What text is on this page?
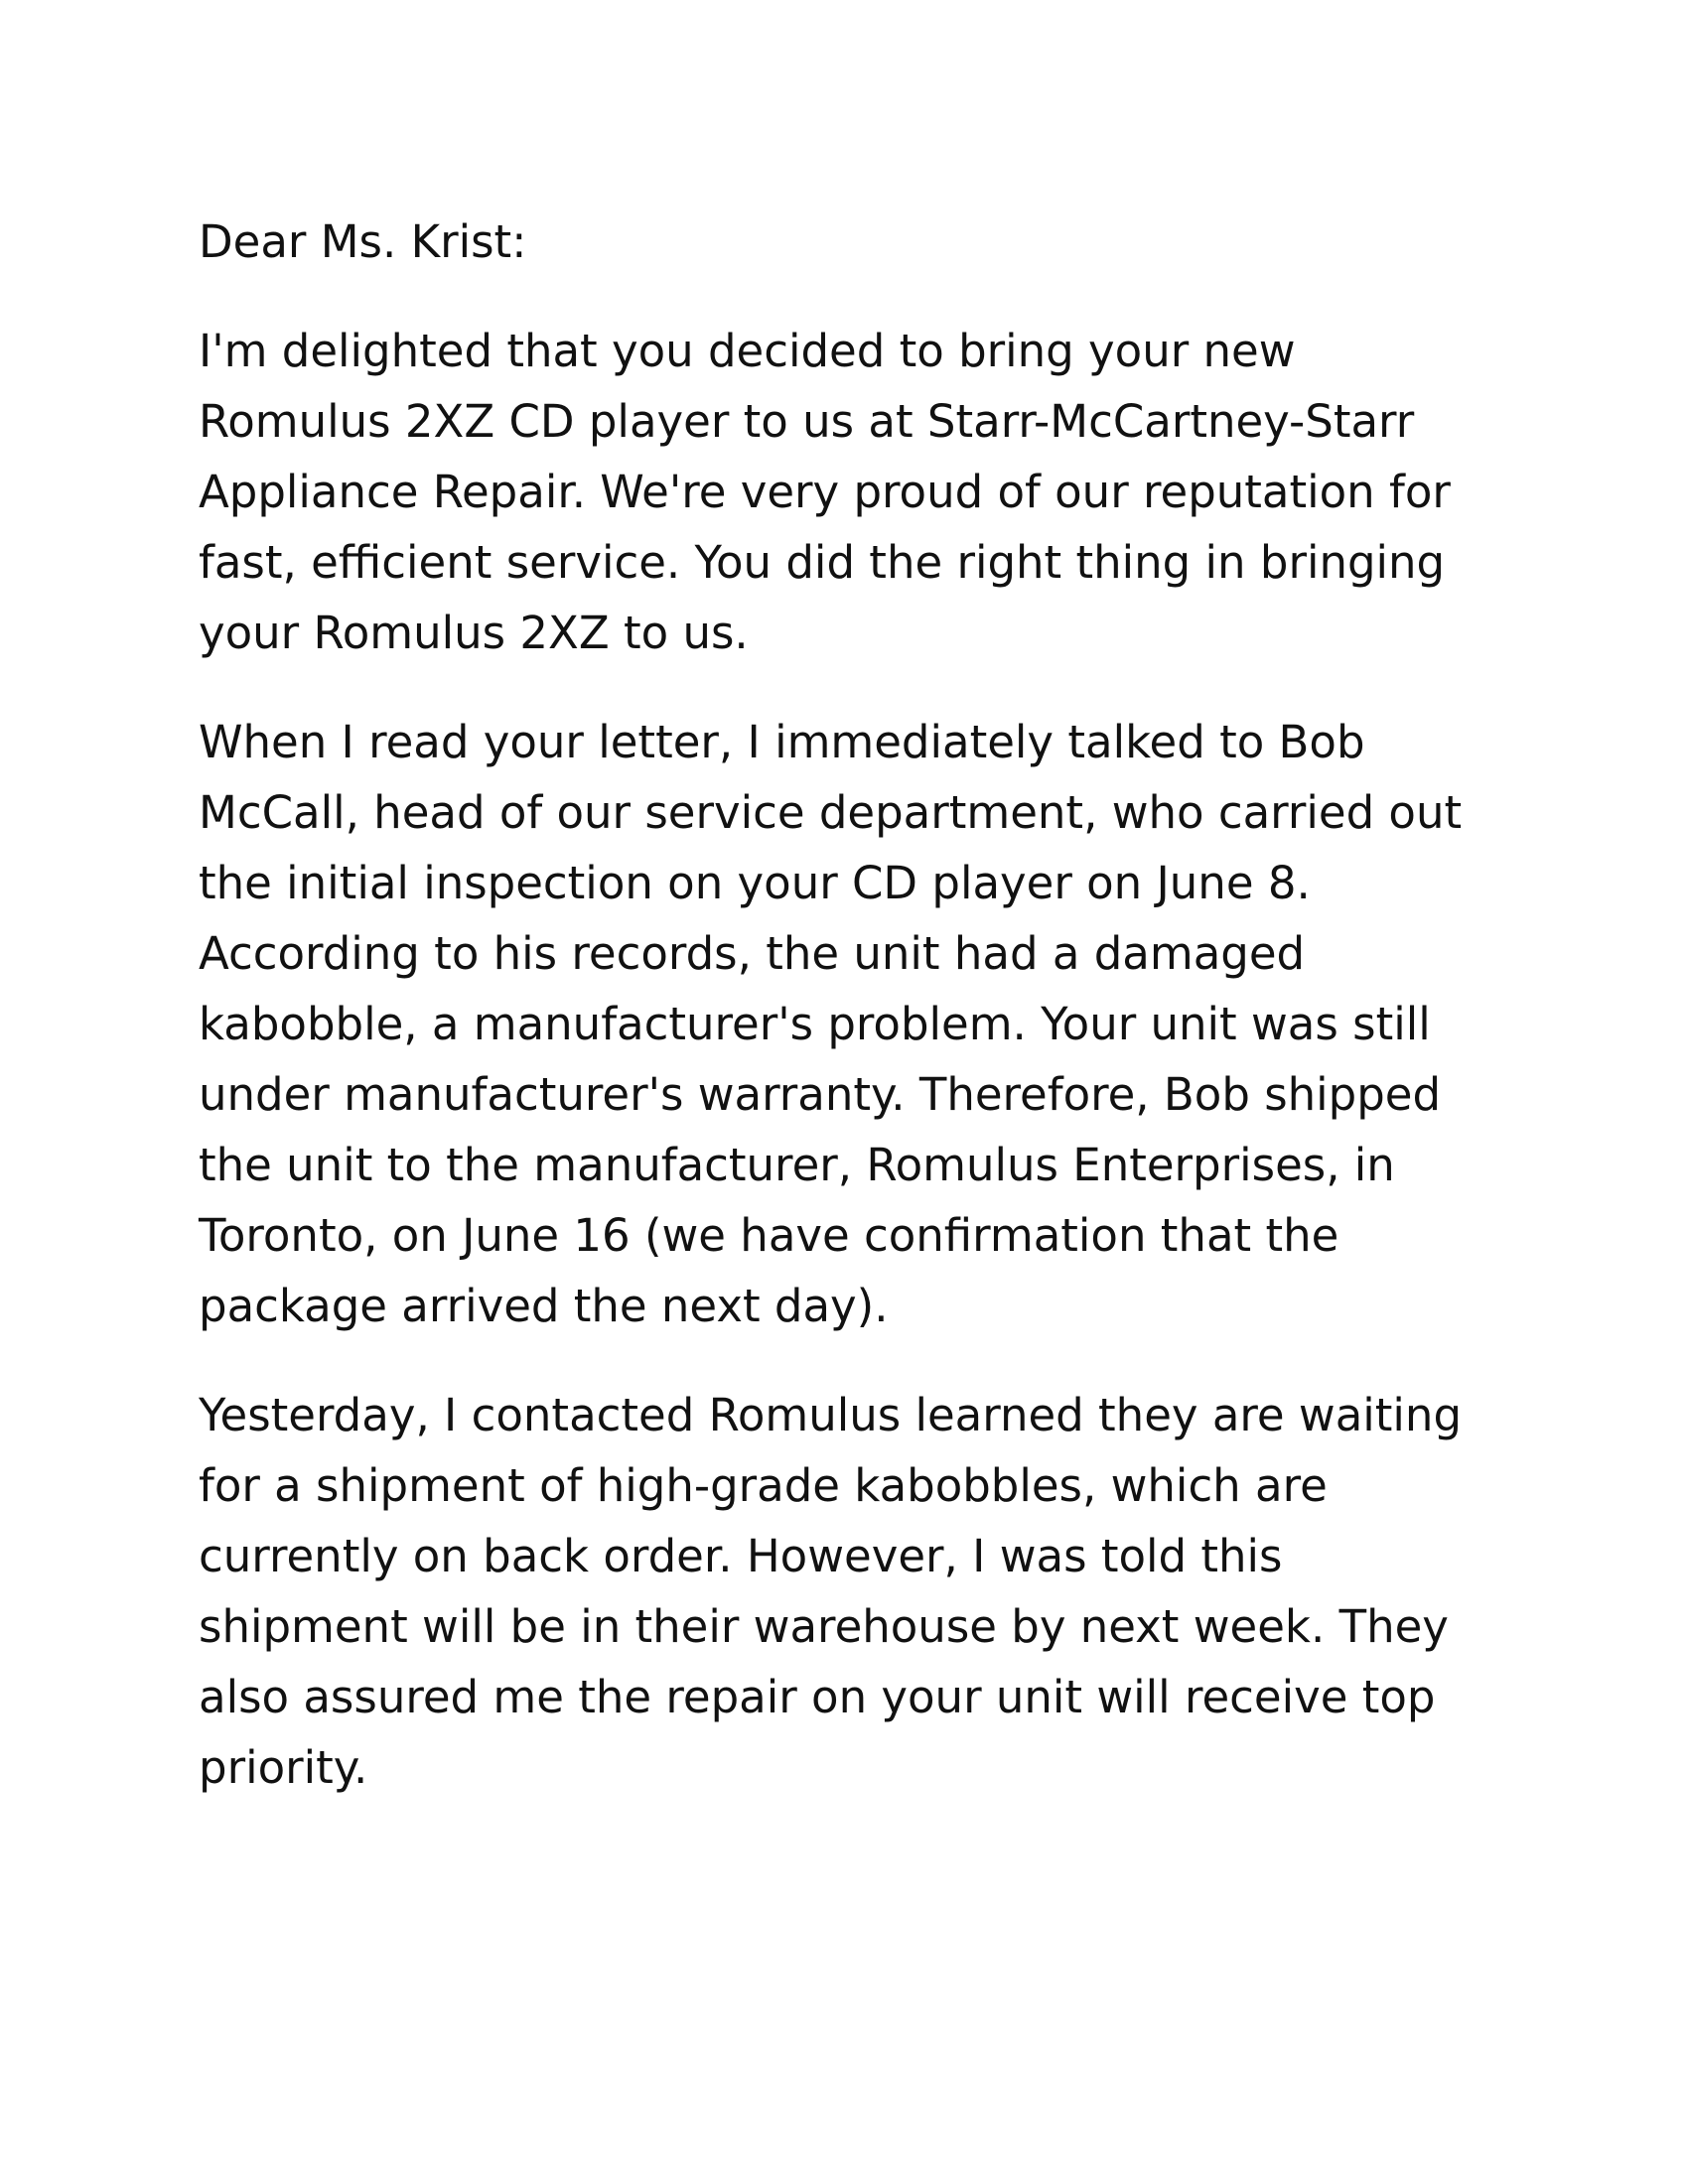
Dear Ms. Krist:
I'm delighted that you decided to bring your new
Romulus 2XZ CD player to us at Starr-McCartney-Starr
Appliance Repair. We're very proud of our reputation for
fast, efficient service. You did the right thing in bringing
your Romulus 2XZ to us.
When I read your letter, I immediately talked to Bob
McCall, head of our service department, who carried out
the initial inspection on your CD player on June 8.
According to his records, the unit had a damaged
kabobble, a manufacturer's problem. Your unit was still
under manufacturer's warranty. Therefore, Bob shipped
the unit to the manufacturer, Romulus Enterprises, in
Toronto, on June 16 (we have confirmation that the
package arrived the next day).
Yesterday, I contacted Romulus learned they are waiting
for a shipment of high-grade kabobbles, which are
currently on back order. However, I was told this
shipment will be in their warehouse by next week. They
also assured me the repair on your unit will receive top
priority.
